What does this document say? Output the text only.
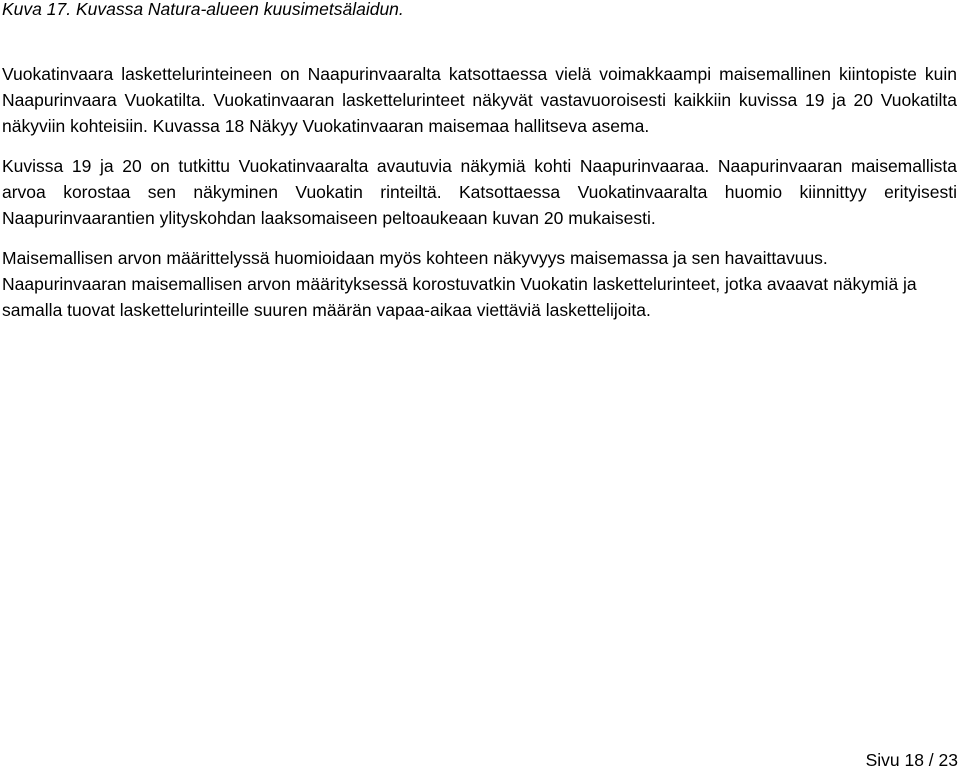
Kuva 17. Kuvassa Natura-alueen kuusimetsälaidun.

Vuokatinvaara laskettelurinteineen on Naapurinvaaralta katsottaessa vielä voimakkaampi maisemallinen kiintopiste kuin Naapurinvaara Vuokatilta. Vuokatinvaaran laskettelurinteet näkyvät vastavuoroisesti kaikkiin kuvissa 19 ja 20 Vuokatilta näkyviin kohteisiin. Kuvassa 18 Näkyy Vuokatinvaaran maisemaa hallitseva asema.

Kuvissa 19 ja 20 on tutkittu Vuokatinvaaralta avautuvia näkymiä kohti Naapurinvaaraa. Naapurinvaaran maisemallista arvoa korostaa sen näkyminen Vuokatin rinteiltä. Katsottaessa Vuokatinvaaralta huomio kiinnittyy erityisesti Naapurinvaarantien ylityskohdan laaksomaiseen peltoaukeaan kuvan 20 mukaisesti.

Maisemallisen arvon määrittelyssä huomioidaan myös kohteen näkyvyys maisemassa ja sen havaittavuus. Naapurinvaaran maisemallisen arvon määrityksessä korostuvatkin Vuokatin laskettelurinteet, jotka avaavat näkymiä ja samalla tuovat laskettelurinteille suuren määrän vapaa-aikaa viettäviä laskettelijoita.

Sivu 18 / 23
